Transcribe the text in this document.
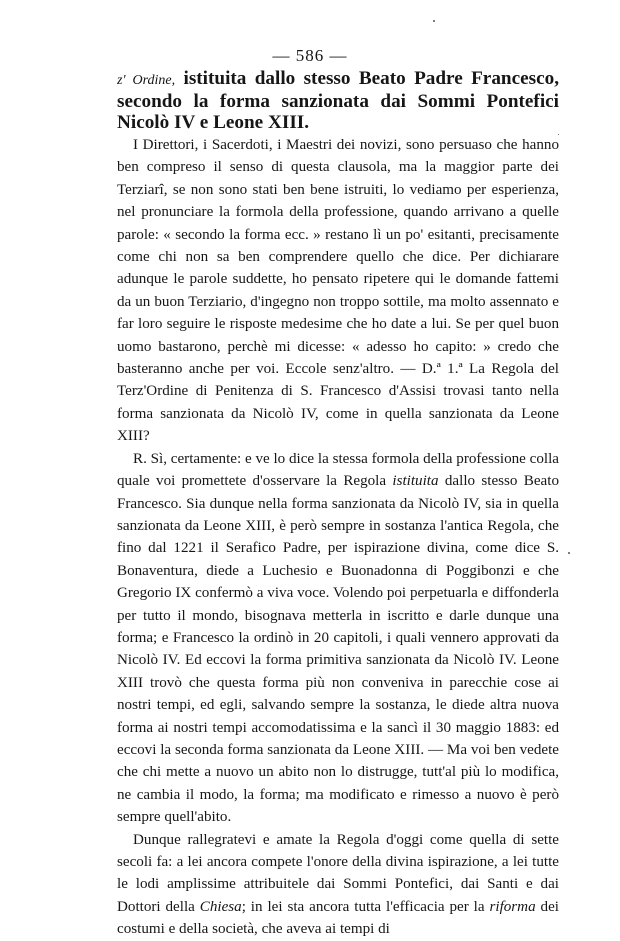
— 586 —

z' Ordine, istituita dallo stesso Beato Padre Francesco, secondo la forma sanzionata dai Sommi Pontefici Nicolò IV e Leone XIII.

I Direttori, i Sacerdoti, i Maestri dei novizi, sono persuaso che hanno ben compreso il senso di questa clausola, ma la maggior parte dei Terziarî, se non sono stati ben bene istruiti, lo vediamo per esperienza, nel pronunciare la formola della professione, quando arrivano a quelle parole: « secondo la forma ecc. » restano lì un po' esitanti, precisamente come chi non sa ben comprendere quello che dice. Per dichiarare adunque le parole suddette, ho pensato ripetere qui le domande fattemi da un buon Terziario, d'ingegno non troppo sottile, ma molto assennato e far loro seguire le risposte medesime che ho date a lui. Se per quel buon uomo bastarono, perchè mi dicesse: « adesso ho capito: » credo che basteranno anche per voi. Eccole senz'altro. — D.ª 1.ª La Regola del Terz'Ordine di Penitenza di S. Francesco d'Assisi trovasi tanto nella forma sanzionata da Nicolò IV, come in quella sanzionata da Leone XIII?

R. Sì, certamente: e ve lo dice la stessa formola della professione colla quale voi promettete d'osservare la Regola istituita dallo stesso Beato Francesco. Sia dunque nella forma sanzionata da Nicolò IV, sia in quella sanzionata da Leone XIII, è però sempre in sostanza l'antica Regola, che fino dal 1221 il Serafico Padre, per ispirazione divina, come dice S. Bonaventura, diede a Luchesio e Buonadonna di Poggibonzi e che Gregorio IX confermò a viva voce. Volendo poi perpetuarla e diffonderla per tutto il mondo, bisognava metterla in iscritto e darle dunque una forma; e Francesco la ordinò in 20 capitoli, i quali vennero approvati da Nicolò IV. Ed eccovi la forma primitiva sanzionata da Nicolò IV. Leone XIII trovò che questa forma più non conveniva in parecchie cose ai nostri tempi, ed egli, salvando sempre la sostanza, le diede altra nuova forma ai nostri tempi accomodatissima e la sancì il 30 maggio 1883: ed eccovi la seconda forma sanzionata da Leone XIII. — Ma voi ben vedete che chi mette a nuovo un abito non lo distrugge, tutt'al più lo modifica, ne cambia il modo, la forma; ma modificato e rimesso a nuovo è però sempre quell'abito.

Dunque rallegratevi e amate la Regola d'oggi come quella di sette secoli fa: a lei ancora compete l'onore della divina ispirazione, a lei tutte le lodi amplissime attribuitele dai Sommi Pontefici, dai Santi e dai Dottori della Chiesa; in lei sta ancora tutta l'efficacia per la riforma dei costumi e della società, che aveva ai tempi di
